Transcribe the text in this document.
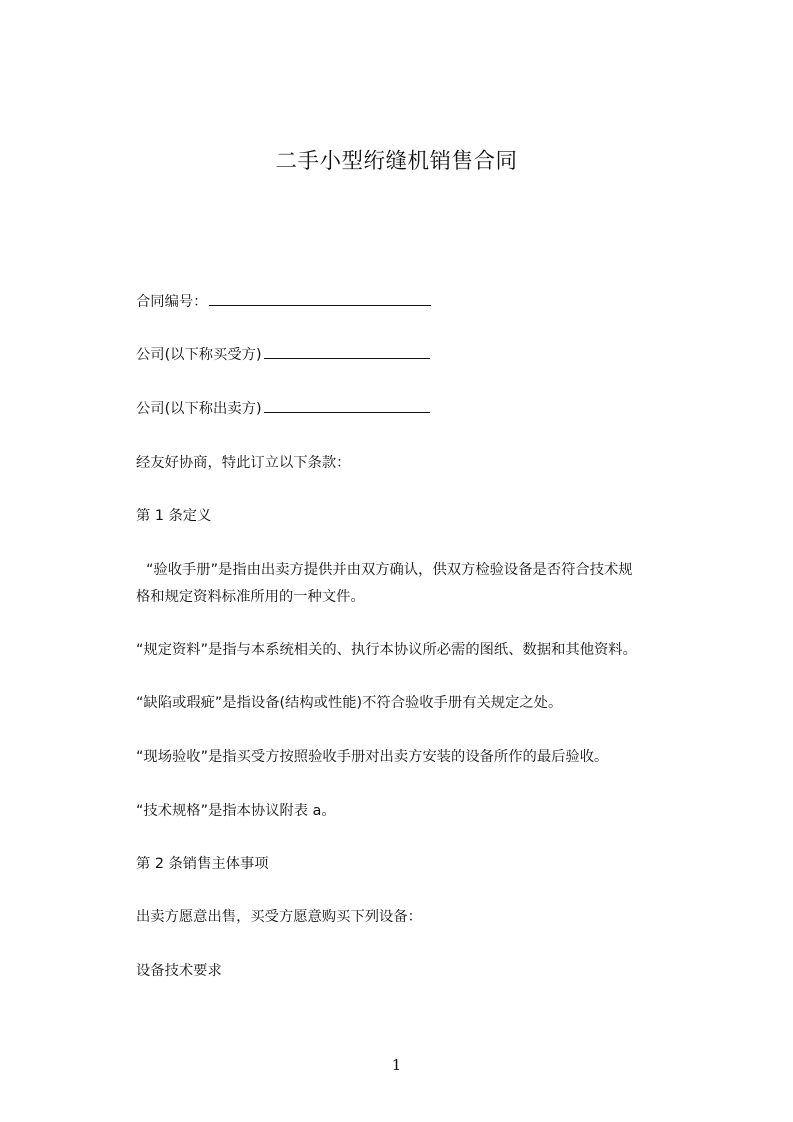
二手小型绗缝机销售合同
合同编号：
公司(以下称买受方)
公司(以下称出卖方)
经友好协商，特此订立以下条款：
第 1 条定义
“验收手册”是指由出卖方提供并由双方确认，供双方检验设备是否符合技术规
格和规定资料标准所用的一种文件。
“规定资料”是指与本系统相关的、执行本协议所必需的图纸、数据和其他资料。
“缺陷或瑕疵”是指设备(结构或性能)不符合验收手册有关规定之处。
“现场验收”是指买受方按照验收手册对出卖方安装的设备所作的最后验收。
“技术规格”是指本协议附表 a。
第 2 条销售主体事项
出卖方愿意出售，买受方愿意购买下列设备：
设备技术要求
1
